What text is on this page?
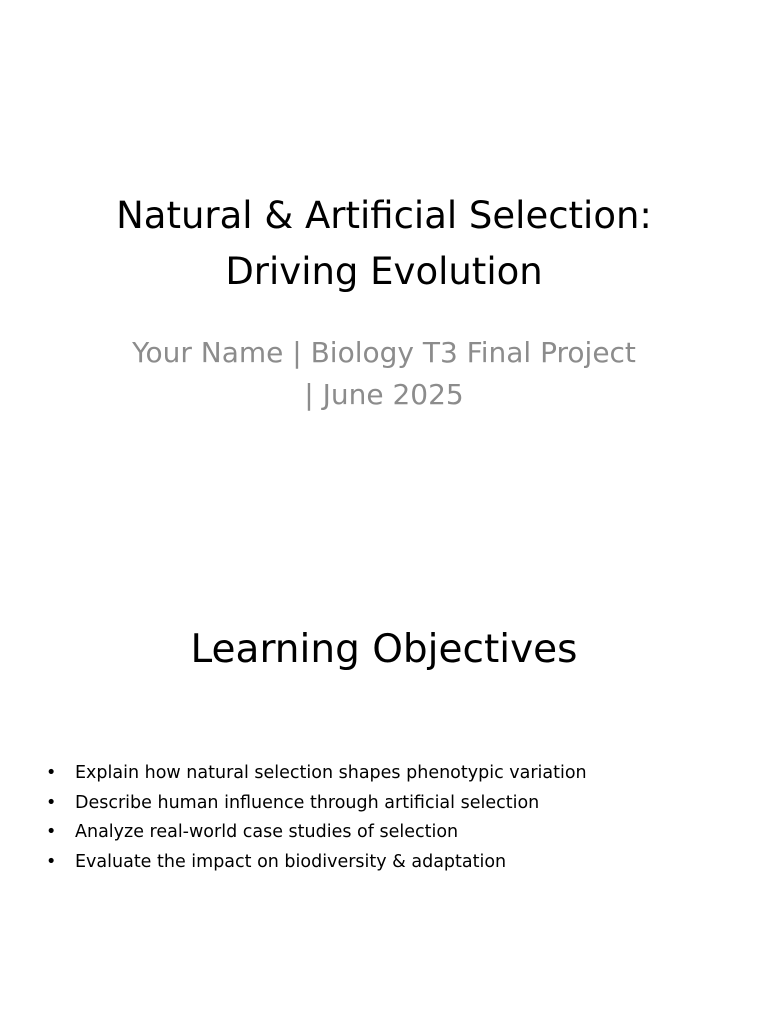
Natural & Artificial Selection:
Driving Evolution

Your Name | Biology T3 Final Project
| June 2025

Learning Objectives
• Explain how natural selection shapes phenotypic variation
• Describe human influence through artificial selection
• Analyze real-world case studies of selection
• Evaluate the impact on biodiversity & adaptation
